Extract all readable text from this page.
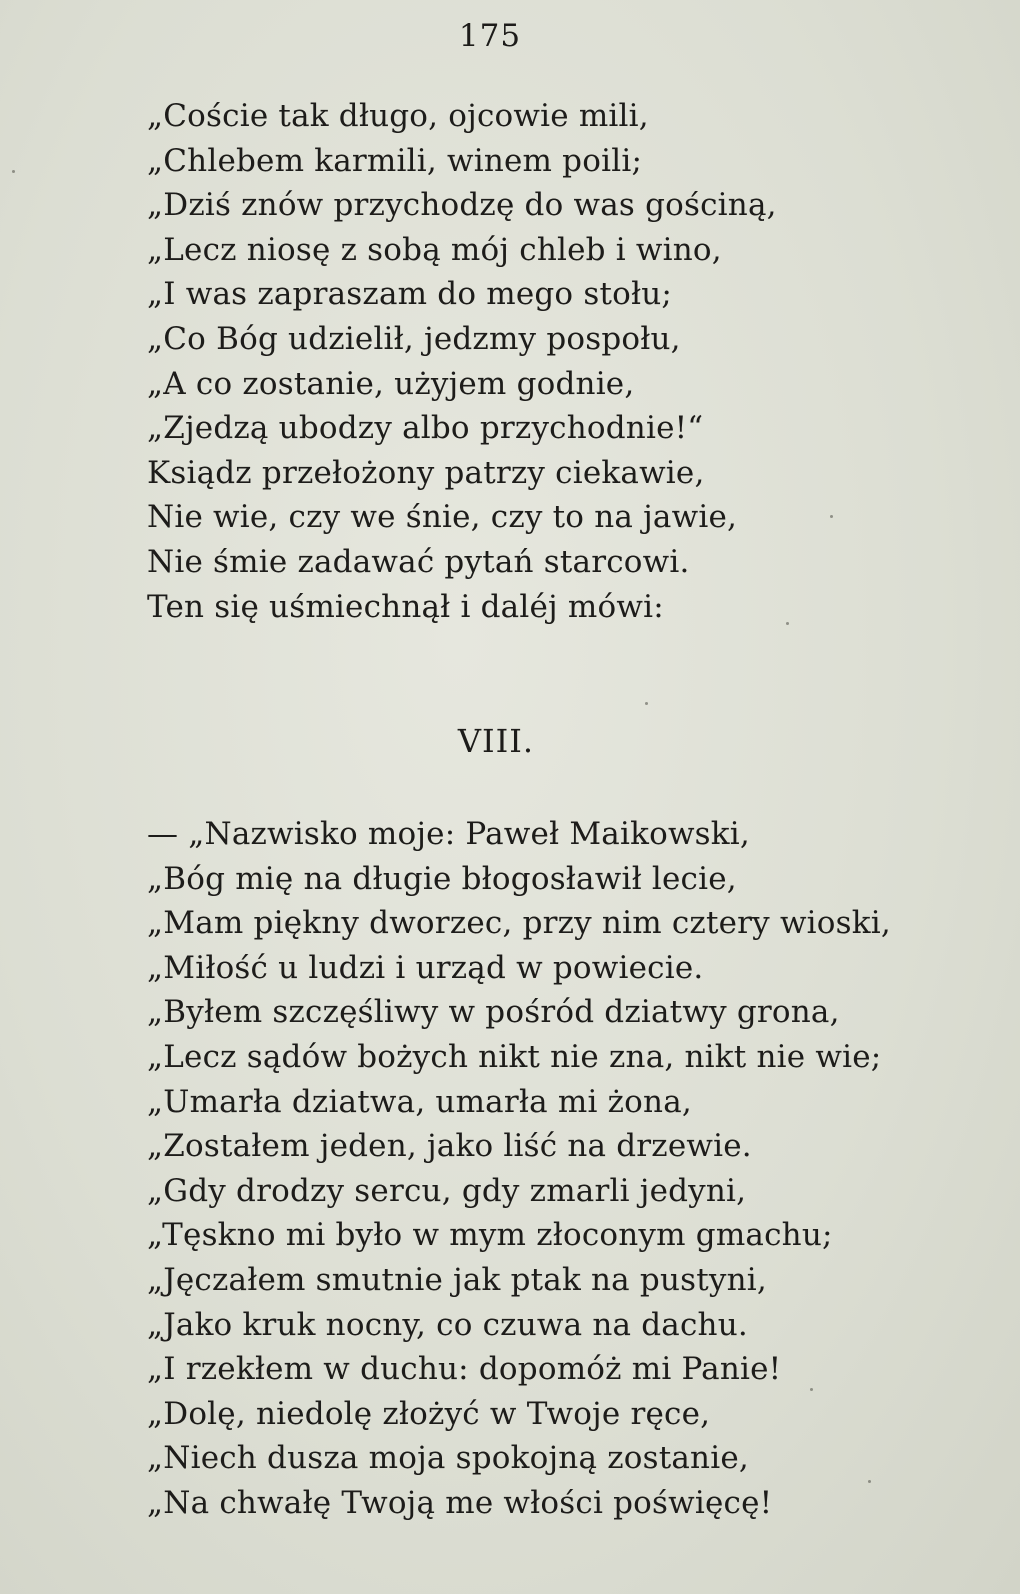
175
„Coście tak długo, ojcowie mili,
„Chlebem karmili, winem poili;
„Dziś znów przychodzę do was gościną,
„Lecz niosę z sobą mój chleb i wino,
„I was zapraszam do mego stołu;
„Co Bóg udzielił, jedzmy pospołu,
„A co zostanie, użyjem godnie,
„Zjedzą ubodzy albo przychodnie!“
Ksiądz przełożony patrzy ciekawie,
Nie wie, czy we śnie, czy to na jawie,
Nie śmie zadawać pytań starcowi.
Ten się uśmiechnął i daléj mówi:
VIII.
— „Nazwisko moje: Paweł Maikowski,
„Bóg mię na długie błogosławił lecie,
„Mam piękny dworzec, przy nim cztery wioski,
„Miłość u ludzi i urząd w powiecie.
„Byłem szczęśliwy w pośród dziatwy grona,
„Lecz sądów bożych nikt nie zna, nikt nie wie;
„Umarła dziatwa, umarła mi żona,
„Zostałem jeden, jako liść na drzewie.
„Gdy drodzy sercu, gdy zmarli jedyni,
„Tęskno mi było w mym złoconym gmachu;
„Jęczałem smutnie jak ptak na pustyni,
„Jako kruk nocny, co czuwa na dachu.
„I rzekłem w duchu: dopomóż mi Panie!
„Dolę, niedolę złożyć w Twoje ręce,
„Niech dusza moja spokojną zostanie,
„Na chwałę Twoją me włości poświęcę!
